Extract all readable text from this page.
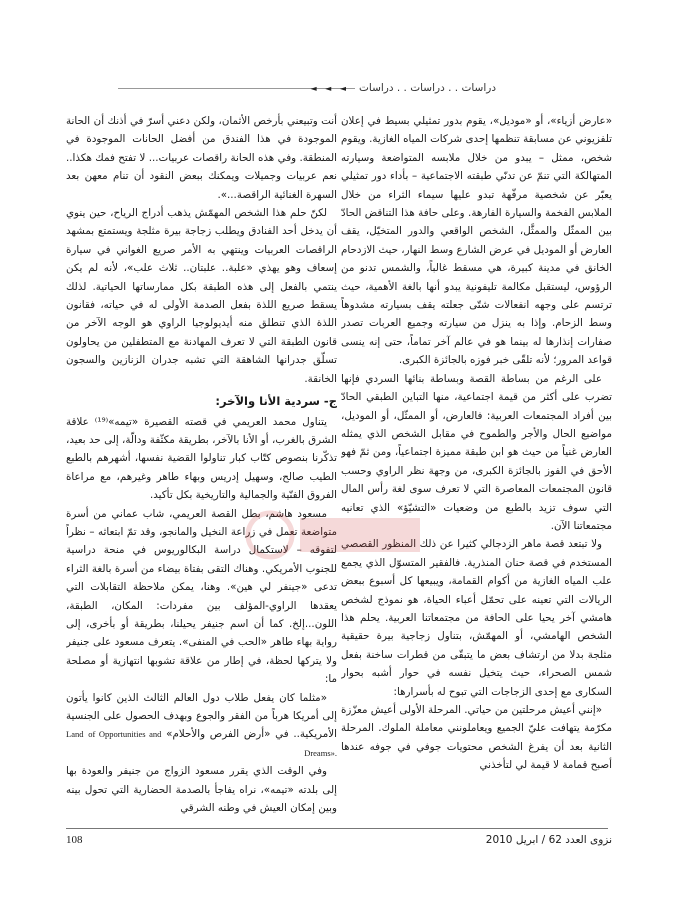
دراسات . . دراسات . . دراسات
◄ ◄ ◄

«عارض أزياء»، أو «موديل»، يقوم بدور تمثيلي بسيط في إعلان تلفزيوني عن مسابقة تنظمها إحدى شركات المياه الغازية. ويقوم شخص، ممثل – يبدو من خلال ملابسه المتواضعة وسيارته المتهالكة التي تنمّ عن تدنّي طبقته الاجتماعية – بأداء دور تمثيلي يعبّر عن شخصية مرفّهة تبدو عليها سيماء الثراء من خلال الملابس الفخمة والسيارة الفارهة. وعلى حافة هذا التناقض الحادّ بين الممثّل والممثَّل، الشخص الواقعي والدور المتخيّل، يقف العارض أو الموديل في عرض الشارع وسط النهار، حيث الازدحام الخانق في مدينة كبيرة، هي مسقط غالباً، والشمس تدنو من الرؤوس، ليستقبل مكالمة تليفونية يبدو أنها بالغة الأهمية، حيث ترتسم على وجهه انفعالات شتّى جعلته يقف بسيارته مشدوهاً وسط الزحام. وإذا به ينزل من سيارته وجميع العربات تصدر صفارات إنذارها له بينما هو في عالم آخر تماماً، حتى إنه ينسى قواعد المرور؛ لأنه تلقّى خبر فوزه بالجائزة الكبرى.

على الرغم من بساطة القصة وبساطة بنائها السردي فإنها تضرب على أكثر من قيمة اجتماعية، منها التباين الطبقي الحادّ بين أفراد المجتمعات العربية: فالعارض، أو الممثّل، أو الموديل، مواضيع الحال والأجر والطموح في مقابل الشخص الذي يمثله العارض غنياً من حيث هو ابن طبقة مميزة اجتماعياً، ومن ثمّ فهو الأحق في الفوز بالجائزة الكبرى، من وجهة نظر الراوي وحسب قانون المجتمعات المعاصرة التي لا تعرف سوى لغة رأس المال التي سوف تزيد بالطبع من وضعيات «التشيّؤ» الذي تعانيه مجتمعاتنا الآن.

ولا تبتعد قصة ماهر الزدجالي كثيرا عن ذلك المنظور القصصي المستخدم في قصة حنان المنذرية. فالفقير المتسوّل الذي يجمع علب المياه الغازية من أكوام القمامة، ويبيعها كل أسبوع ببعض الريالات التي تعينه على تحمّل أعباء الحياة، هو نموذج لشخص هامشي آخر يحيا على الحافة من مجتمعاتنا العربية. يحلم هذا الشخص الهامشي، أو المهمّش، بتناول زجاجية بيرة حقيقية مثلجة بدلا من ارتشاف بعض ما يتبقّى من قطرات ساخنة بفعل شمس الصحراء، حيث يتخيل نفسه في حوار أشبه بحوار السكارى مع إحدى الزجاجات التي تبوح له بأسرارها:

«إنني أعيش مرحلتين من حياتي. المرحلة الأولى أعيش معزّزة مكرّمة يتهافت عليّ الجميع ويعاملونني معاملة الملوك. المرحلة الثانية بعد أن يفرغ الشخص محتويات جوفي في جوفه عندها أصبح قمامة لا قيمة لي لتأخذني

أنت وتبيعني بأرخص الأثمان، ولكن دعني أسرّ في أذنك أن الحانة الموجودة في هذا الفندق من أفضل الحانات الموجودة في المنطقة. وفي هذه الحانة راقصات عربيات... لا تفتح فمك هكذا.. نعم عربيات وجميلات ويمكنك ببعض النقود أن تنام معهن بعد السهرة الغنائية الراقصة...».

لكنّ حلم هذا الشخص المهمّش يذهب أدراج الرياح، حين ينوي أن يدخل أحد الفنادق ويطلب زجاجة بيرة مثلجة ويستمتع بمشهد الراقصات العربيات وينتهي به الأمر صريع الغواني في سيارة إسعاف وهو يهذي «علبة.. علبتان.. ثلاث علب»، لأنه لم يكن ينتمي بالفعل إلى هذه الطبقة بكل ممارساتها الحياتية. لذلك يسقط صريع اللذة بفعل الصدمة الأولى له في حياته، فقانون اللذة الذي تنطلق منه أيديولوجيا الراوي هو الوجه الآخر من قانون الطبقة التي لا تعرف المهادنة مع المتطفلين من يحاولون تسلّق جدرانها الشاهقة التي تشبه جدران الزنازين والسجون الخانقة.

ج- سردية الأنا والآخر:

يتناول محمد العريمي في قصته القصيرة «تيمه»⁽¹⁹⁾ علاقة الشرق بالغرب، أو الأنا بالآخر، بطريقة مكثّفة ودالّة، إلى حد بعيد، تذكّرنا بنصوص كتّاب كبار تناولوا القضية نفسها، أشهرهم بالطبع الطيب صالح، وسهيل إدريس وبهاء طاهر وغيرهم، مع مراعاة الفروق الفنّية والجمالية والتاريخية بكل تأكيد.

مسعود هاشم، بطل القصة العريمي، شاب عماني من أسرة متواضعة تعمل في زراعة النخيل والمانجو، وقد تمّ ابتعاثه – نظراً لتفوقه – لاستكمال دراسة البكالوريوس في منحة دراسية للجنوب الأمريكي. وهناك التقى بفتاة بيضاء من أسرة بالغة الثراء تدعى «جينفر لي هين». وهنا، يمكن ملاحظة التقابلات التي يعقدها الراوي-المؤلف بين مفردات: المكان، الطبقة، اللون...إلخ. كما أن اسم جنيفر يحيلنا، بطريقة أو بأخرى، إلى رواية بهاء طاهر «الحب في المنفى». يتعرف مسعود على جنيفر ولا يتركها لحظة، في إطار من علاقة تشوبها انتهازية أو مصلحة ما:

«مثلما كان يفعل طلاب دول العالم الثالث الذين كانوا يأتون إلى أمريكا هرباً من الفقر والجوع وبهدف الحصول على الجنسية الأمريكية.. في «أرض الفرص والأحلام» Land of Opportunities and Dreams».

وفي الوقت الذي يقرر مسعود الزواج من جنيفر والعودة بها إلى بلدته «تيمه»، نراه يفاجأ بالصدمة الحضارية التي تحول بينه وبين إمكان العيش في وطنه الشرقي

108	نزوى العدد 62 / ابريل 2010
